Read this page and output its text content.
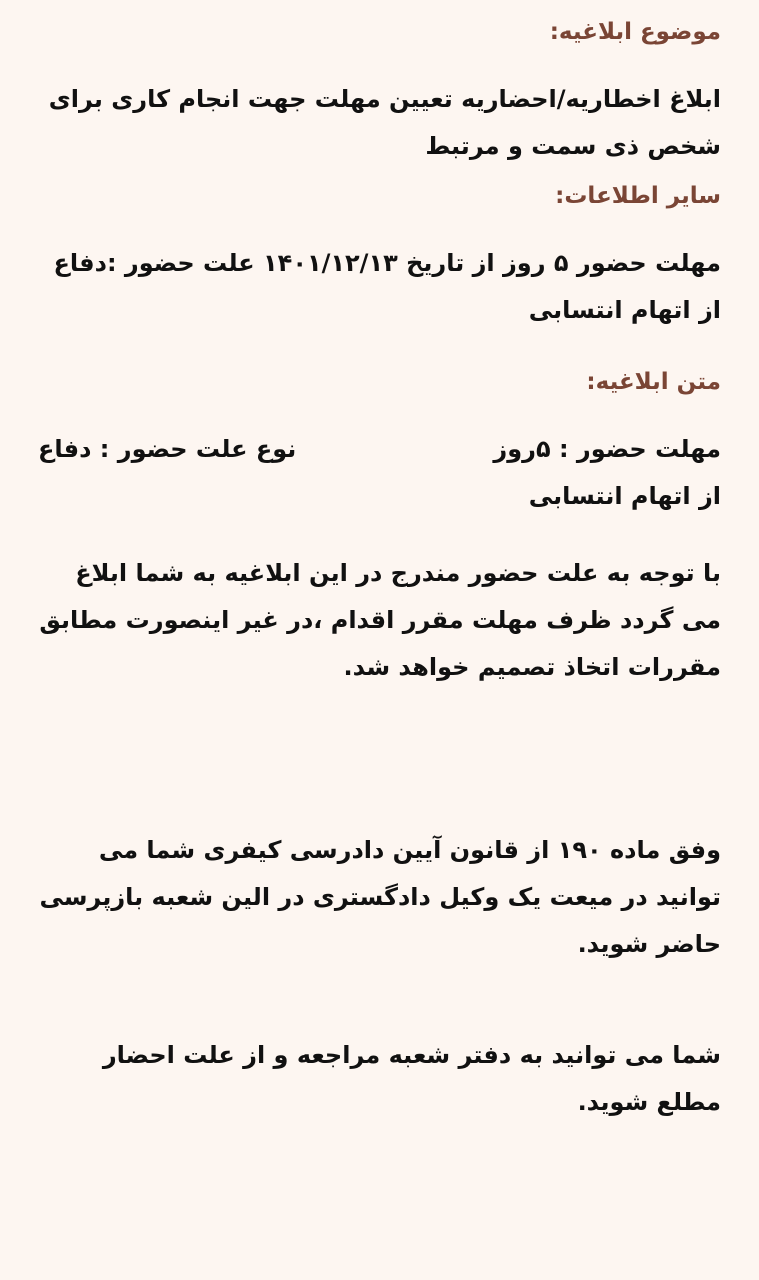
موضوع ابلاغیه:

ابلاغ اخطاریه/احضاریه تعیین مهلت جهت انجام کاری برای شخص ذی سمت و مرتبط

سایر اطلاعات:

مهلت حضور ۵ روز از تاریخ ۱۴۰۱/۱۲/۱۳ علت حضور :دفاع از اتهام انتسابی

متن ابلاغیه:

مهلت حضور : ۵روز
نوع علت حضور : دفاع

از اتهام انتسابی

با توجه به علت حضور مندرج در این ابلاغیه به شما ابلاغ می گردد ظرف مهلت مقرر اقدام ،در غیر اینصورت مطابق مقررات اتخاذ تصمیم خواهد شد.

وفق ماده ۱۹۰ از قانون آیین دادرسی کیفری شما می توانید در میعت یک وکیل دادگستری در الین شعبه بازپرسی حاضر شوید.

شما می توانید به دفتر شعبه مراجعه و از علت احضار مطلع شوید.
